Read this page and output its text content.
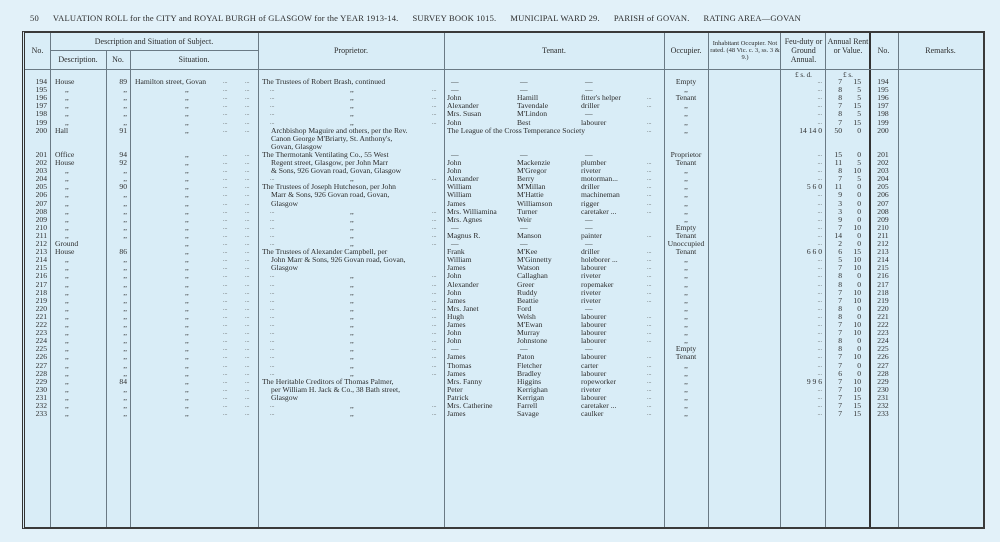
50 VALUATION ROLL for the CITY and ROYAL BURGH of GLASGOW for the YEAR 1913-14. SURVEY BOOK 1015. MUNICIPAL WARD 29. PARISH of GOVAN. RATING AREA—GOVAN
No.
Description and Situation of Subject.
Description.	No.	Situation.
Proprietor.	Tenant.	Occupier.
Inhabitant Occupier. Not rated. (48 Vic. c. 3, ss. 3 & 9.)
Feu-duty or Ground Annual.
Annual Rent or Value.	No.	Remarks.
£ s. d.	£ s.
194 House	89 Hamilton street, Govan	...	... The Trustees of Robert Brash, continued	—	—	—	Empty	...	7	15	194
195 ,,	,,	,,	...	...	...	,,	... —	—	—	,,	...	8	5	195
196 ,,	,,	,,	...	...	...	,,	... John	Hamill	fitter's helper	...	Tenant	...	8	5	196
197 ,,	,,	,,	...	...	...	,,	... Alexander	Tavendale	driller	...	,,	...	7	15	197
198 ,,	,,	,,	...	...	...	,,	... Mrs. Susan	M'Lindon	—	,,	...	8	5	198
199 ,,	,,	,,	...	...	...	,,	... John	Best	labourer	...	,,	...	7	15	199
200 Hall	91	,,	...	...	Archbishop Maguire and others, per the Rev.	The League of the Cross Temperance Society	...	,,	14 14 0	50	0	200
Canon George M'Briarty, St. Anthony's,
Govan, Glasgow
201 Office	94	,,	...	... The Thermotank Ventilating Co., 55 West	—	—	—	Proprietor	...	15	0	201
202 House	92	,,	...	...	Regent street, Glasgow, per John Marr	John	Mackenzie	plumber	...	Tenant	...	11	5	202
203 ,,	,,	,,	...	...	& Sons, 926 Govan road, Govan, Glasgow	John	M'Gregor	riveter	...	,,	...	8	10	203
204 ,,	,,	,,	...	...	...	,,	... Alexander	Berry	motorman...	...	,,	...	7	5	204
205 ,,	90	,,	...	... The Trustees of Joseph Hutcheson, per John	William	M'Millan	driller	...	,,	5 6 0	11	0	205
206 ,,	,,	,,	...	...	Marr & Sons, 926 Govan road, Govan,	William	M'Hattie	machineman	...	,,	...	9	0	206
207 ,,	,,	,,	...	...	Glasgow	James	Williamson	rigger	...	,,	...	3	0	207
208 ,,	,,	,,	...	...	...	,,	... Mrs. Williamina	Turner	caretaker ...	...	,,	...	3	0	208
209 ,,	,,	,,	...	...	...	,,	... Mrs. Agnes	Weir	—	,,	...	9	0	209
210 ,,	,,	,,	...	...	...	,,	... —	—	—	Empty	...	7	10	210
211 ,,	,,	,,	...	...	...	,,	... Magnus R.	Manson	painter	...	Tenant	...	14	0	211
212 Ground	,,	...	...	...	,,	... —	—	—	Unoccupied	...	2	0	212
213 House	86	,,	...	... The Trustees of Alexander Campbell, per	Frank	M'Kee	driller	...	Tenant	6 6 0	6	15	213
214 ,,	,,	,,	...	...	John Marr & Sons, 926 Govan road, Govan,	William	M'Ginnetty	holeborer ...	...	,,	...	5	10	214
215 ,,	,,	,,	...	...	Glasgow	James	Watson	labourer	...	,,	...	7	10	215
216 ,,	,,	,,	...	...	...	,,	... John	Callaghan	riveter	...	,,	...	8	0	216
217 ,,	,,	,,	...	...	...	,,	... Alexander	Greer	ropemaker	...	,,	...	8	0	217
218 ,,	,,	,,	...	...	...	,,	... John	Ruddy	riveter	...	,,	...	7	10	218
219 ,,	,,	,,	...	...	...	,,	... James	Beattie	riveter	...	,,	...	7	10	219
220 ,,	,,	,,	...	...	...	,,	... Mrs. Janet	Ford	—	,,	...	8	0	220
221 ,,	,,	,,	...	...	...	,,	... Hugh	Welsh	labourer	...	,,	...	8	0	221
222 ,,	,,	,,	...	...	...	,,	... James	M'Ewan	labourer	...	,,	...	7	10	222
223 ,,	,,	,,	...	...	...	,,	... John	Murray	labourer	...	,,	...	7	10	223
224 ,,	,,	,,	...	...	...	,,	... John	Johnstone	labourer	...	,,	...	8	0	224
225 ,,	,,	,,	...	...	...	,,	... —	—	—	Empty	...	8	0	225
226 ,,	,,	,,	...	...	...	,,	... James	Paton	labourer	...	Tenant	...	7	10	226
227 ,,	,,	,,	...	...	...	,,	... Thomas	Fletcher	carter	...	,,	...	7	0	227
228 ,,	,,	,,	...	...	...	,,	... James	Bradley	labourer	...	,,	...	6	0	228
229 ,,	84	,,	...	... The Heritable Creditors of Thomas Palmer,	Mrs. Fanny	Higgins	ropeworker	...	,,	9 9 6	7	10	229
230 ,,	,,	,,	...	...	per William H. Jack & Co., 38 Bath street,	Peter	Kerrighan	riveter	...	,,	...	7	10	230
231 ,,	,,	,,	...	...	Glasgow	Patrick	Kerrigan	labourer	...	,,	...	7	15	231
232 ,,	,,	,,	...	...	...	,,	... Mrs. Catherine	Farrell	caretaker ...	...	,,	...	7	15	232
233 ,,	,,	,,	...	...	...	,,	... James	Savage	caulker	...	,,	...	7	15	233
